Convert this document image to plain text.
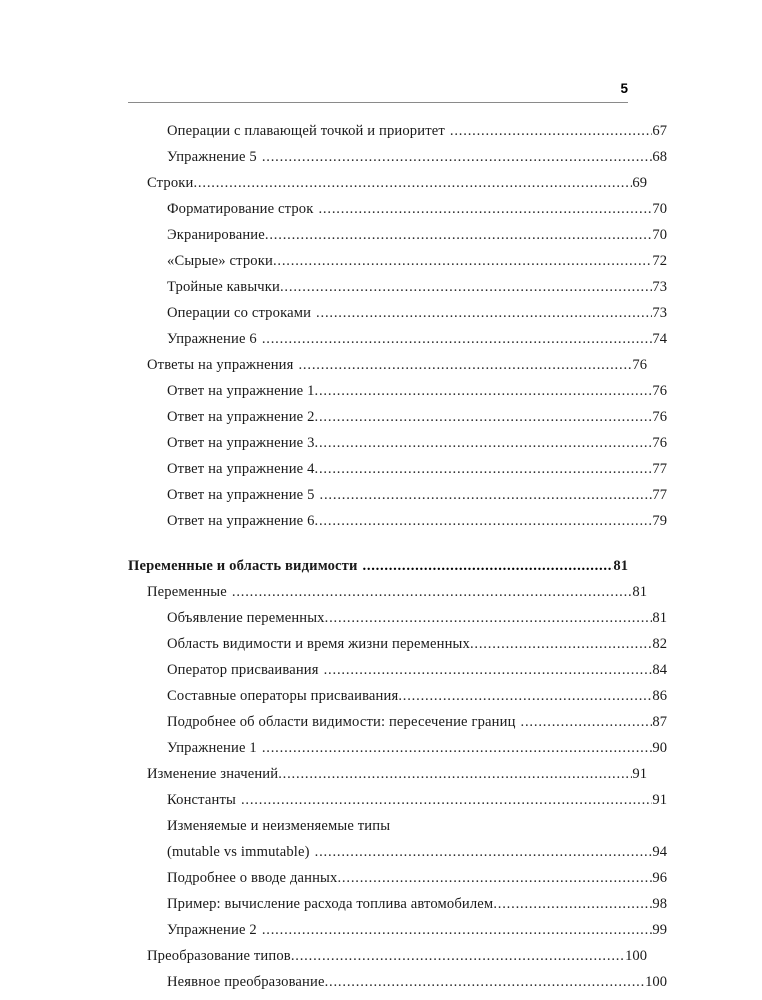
5
Операции с плавающей точкой и приоритет .....	67
Упражнение 5 .....	68
Строки .....	69
Форматирование строк .....	70
Экранирование .....	70
«Сырые» строки .....	72
Тройные кавычки .....	73
Операции со строками .....	73
Упражнение 6 .....	74
Ответы на упражнения .....	76
Ответ на упражнение 1 .....	76
Ответ на упражнение 2 .....	76
Ответ на упражнение 3 .....	76
Ответ на упражнение 4 .....	77
Ответ на упражнение 5 .....	77
Ответ на упражнение 6 .....	79
Переменные и область видимости .....	81
Переменные .....	81
Объявление переменных .....	81
Область видимости и время жизни переменных .....	82
Оператор присваивания .....	84
Составные операторы присваивания .....	86
Подробнее об области видимости: пересечение границ .....	87
Упражнение 1 .....	90
Изменение значений .....	91
Константы .....	91
Изменяемые и неизменяемые типы
(mutable vs immutable) .....	94
Подробнее о вводе данных .....	96
Пример: вычисление расхода топлива автомобилем .....	98
Упражнение 2 .....	99
Преобразование типов .....	100
Неявное преобразование .....	100
